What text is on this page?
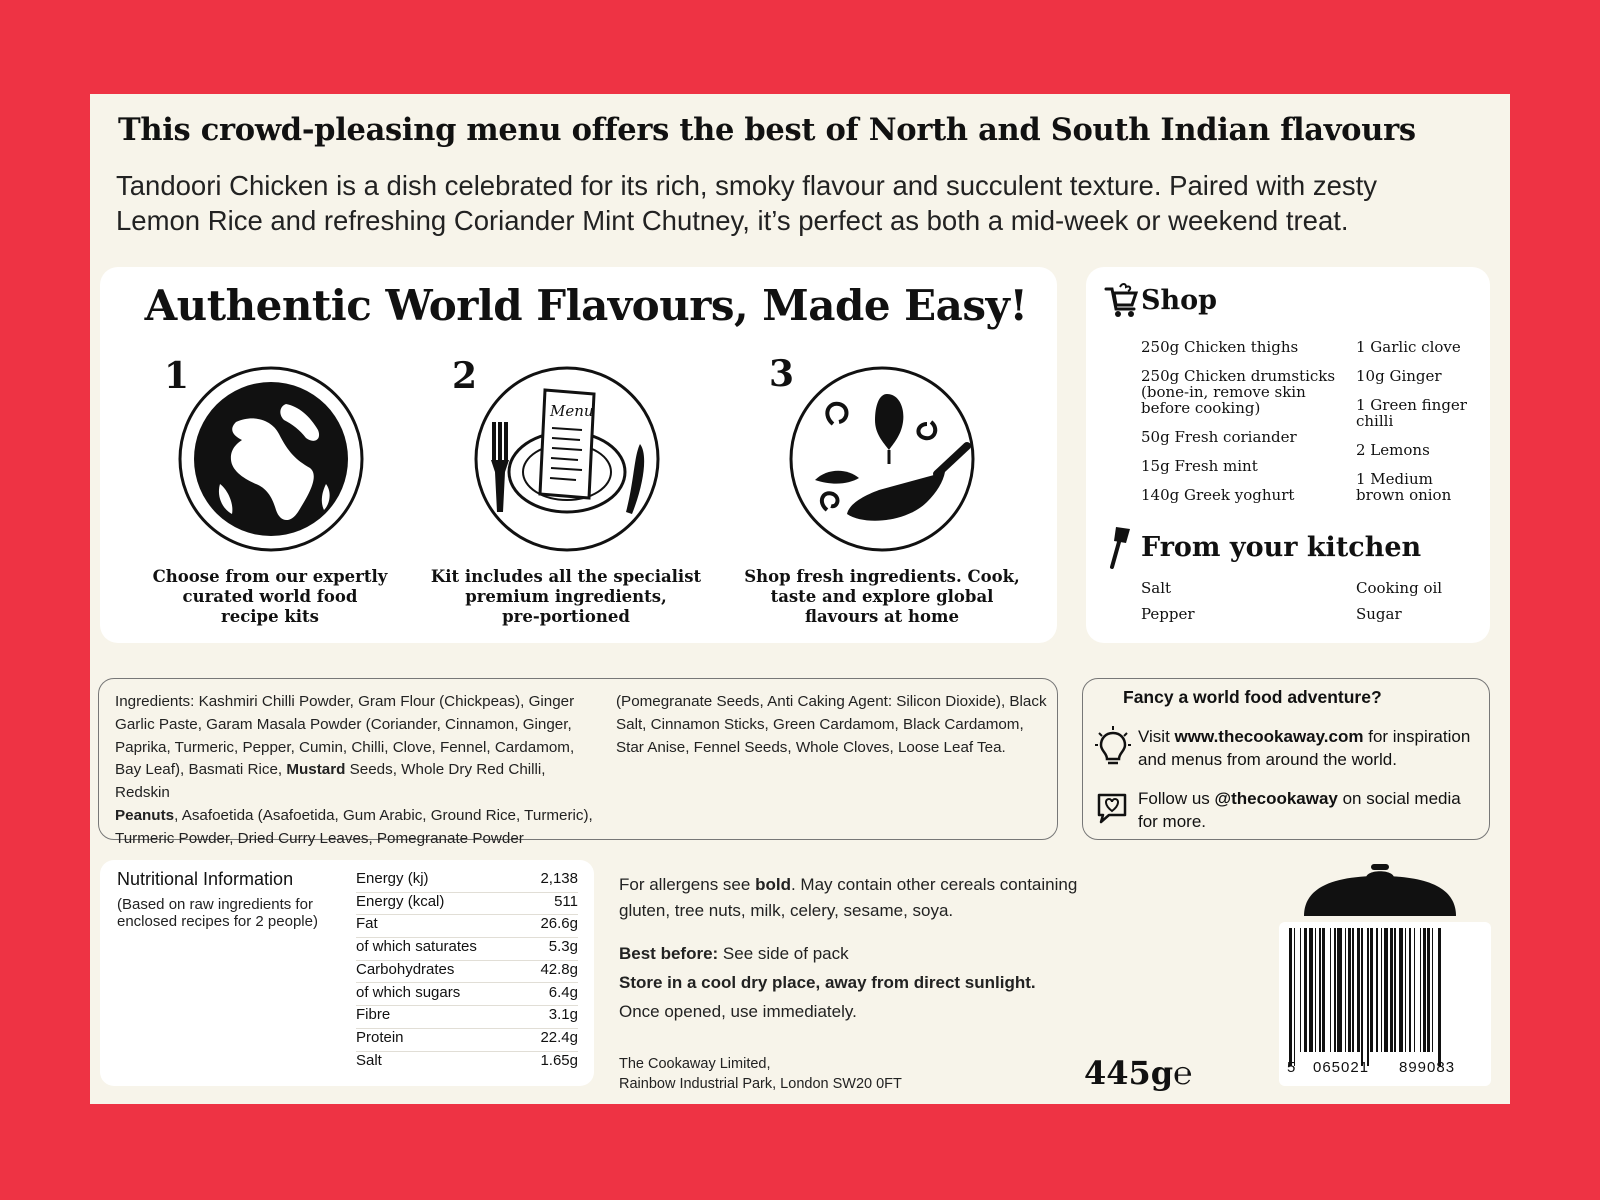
This crowd-pleasing menu offers the best of North and South Indian flavours
Tandoori Chicken is a dish celebrated for its rich, smoky flavour and succulent texture. Paired with zesty
Lemon Rice and refreshing Coriander Mint Chutney, it’s perfect as both a mid-week or weekend treat.
Authentic World Flavours, Made Easy!
1
Choose from our expertly
curated world food
recipe kits
2
Menu
Kit includes all the specialist
premium ingredients,
pre-portioned
3
Shop fresh ingredients. Cook,
taste and explore global
flavours at home
Shop
250g Chicken thighs
250g Chicken drumsticks
(bone-in, remove skin
before cooking)
50g Fresh coriander
15g Fresh mint
140g Greek yoghurt
1 Garlic clove
10g Ginger
1 Green finger
chilli
2 Lemons
1 Medium
brown onion
From your kitchen
Salt	Cooking oil
Pepper	Sugar
Ingredients: Kashmiri Chilli Powder, Gram Flour (Chickpeas), Ginger
Garlic Paste, Garam Masala Powder (Coriander, Cinnamon, Ginger,
Paprika, Turmeric, Pepper, Cumin, Chilli, Clove, Fennel, Cardamom,
Bay Leaf), Basmati Rice, Mustard Seeds, Whole Dry Red Chilli, Redskin
Peanuts, Asafoetida (Asafoetida, Gum Arabic, Ground Rice, Turmeric),
Turmeric Powder, Dried Curry Leaves, Pomegranate Powder
(Pomegranate Seeds, Anti Caking Agent: Silicon Dioxide), Black
Salt, Cinnamon Sticks, Green Cardamom, Black Cardamom,
Star Anise, Fennel Seeds, Whole Cloves, Loose Leaf Tea.
Fancy a world food adventure?
Visit www.thecookaway.com for inspiration
and menus from around the world.
Follow us @thecookaway on social media
for more.
Nutritional Information
(Based on raw ingredients for
enclosed recipes for 2 people)
Energy (kj)	2,138
Energy (kcal)	511
Fat	26.6g
of which saturates	5.3g
Carbohydrates	42.8g
of which sugars	6.4g
Fibre	3.1g
Protein	22.4g
Salt	1.65g
For allergens see bold. May contain other cereals containing
gluten, tree nuts, milk, celery, sesame, soya.
Best before: See side of pack
Store in a cool dry place, away from direct sunlight.
Once opened, use immediately.
The Cookaway Limited,
Rainbow Industrial Park, London SW20 0FT	445g℮	5 065021 899083
